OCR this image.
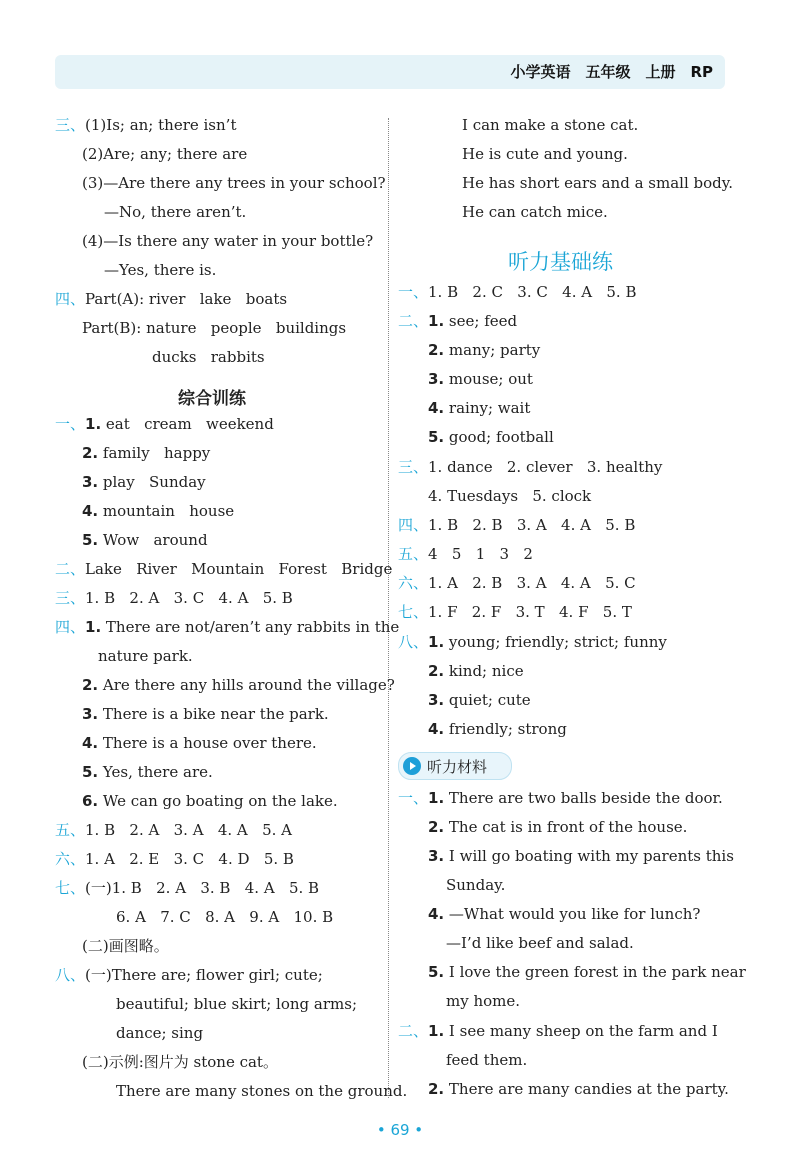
小学英语　五年级　上册　RP
三、(1)Is; an; there isn’t
(2)Are; any; there are
(3)—Are there any trees in your school?
—No, there aren’t.
(4)—Is there any water in your bottle?
—Yes, there is.
四、Part(A): river   lake   boats
Part(B): nature   people   buildings
ducks   rabbits
一、1. eat   cream   weekend
2. family   happy
3. play   Sunday
4. mountain   house
5. Wow   around
二、Lake   River   Mountain   Forest   Bridge
三、1. B   2. A   3. C   4. A   5. B
四、1. There are not/aren’t any rabbits in the
nature park.
2. Are there any hills around the village?
3. There is a bike near the park.
4. There is a house over there.
5. Yes, there are.
6. We can go boating on the lake.
五、1. B   2. A   3. A   4. A   5. A
六、1. A   2. E   3. C   4. D   5. B
七、(一)1. B   2. A   3. B   4. A   5. B
6. A   7. C   8. A   9. A   10. B
(二)画图略。
八、(一)There are; flower girl; cute;
beautiful; blue skirt; long arms;
dance; sing
(二)示例:图片为 stone cat。
There are many stones on the ground.
I can make a stone cat.
He is cute and young.
He has short ears and a small body.
He can catch mice.
一、1. B   2. C   3. C   4. A   5. B
二、1. see; feed
2. many; party
3. mouse; out
4. rainy; wait
5. good; football
三、1. dance   2. clever   3. healthy
4. Tuesdays   5. clock
四、1. B   2. B   3. A   4. A   5. B
五、4   5   1   3   2
六、1. A   2. B   3. A   4. A   5. C
七、1. F   2. F   3. T   4. F   5. T
八、1. young; friendly; strict; funny
2. kind; nice
3. quiet; cute
4. friendly; strong
一、1. There are two balls beside the door.
2. The cat is in front of the house.
3. I will go boating with my parents this
Sunday.
4. —What would you like for lunch?
—I’d like beef and salad.
5. I love the green forest in the park near
my home.
二、1. I see many sheep on the farm and I
feed them.
2. There are many candies at the party.
综合训练
听力基础练
听力材料
• 69 •
